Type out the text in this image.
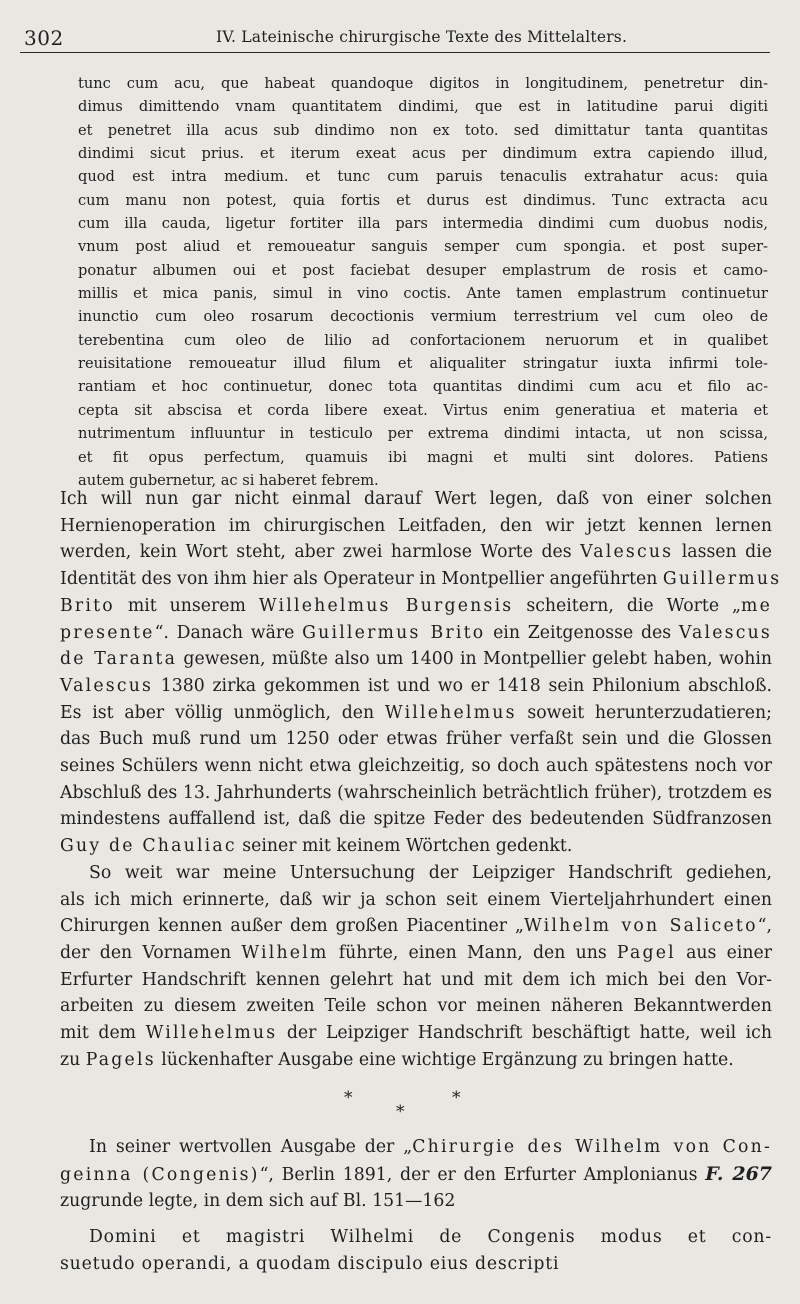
302	IV. Lateinische chirurgische Texte des Mittelalters.
tunc cum acu, que habeat quandoque digitos in longitudinem, penetretur din-
dimus dimittendo vnam quantitatem dindimi, que est in latitudine parui digiti
et penetret illa acus sub dindimo non ex toto. sed dimittatur tanta quantitas
dindimi sicut prius. et iterum exeat acus per dindimum extra capiendo illud,
quod est intra medium. et tunc cum paruis tenaculis extrahatur acus: quia
cum manu non potest, quia fortis et durus est dindimus. Tunc extracta acu
cum illa cauda, ligetur fortiter illa pars intermedia dindimi cum duobus nodis,
vnum post aliud et remoueatur sanguis semper cum spongia. et post super-
ponatur albumen oui et post faciebat desuper emplastrum de rosis et camo-
millis et mica panis, simul in vino coctis. Ante tamen emplastrum continuetur
inunctio cum oleo rosarum decoctionis vermium terrestrium vel cum oleo de
terebentina cum oleo de lilio ad confortacionem neruorum et in qualibet
reuisitatione remoueatur illud filum et aliqualiter stringatur iuxta infirmi tole-
rantiam et hoc continuetur, donec tota quantitas dindimi cum acu et filo ac-
cepta sit abscisa et corda libere exeat. Virtus enim generatiua et materia et
nutrimentum influuntur in testiculo per extrema dindimi intacta, ut non scissa,
et fit opus perfectum, quamuis ibi magni et multi sint dolores. Patiens
autem gubernetur, ac si haberet febrem.
Ich will nun gar nicht einmal darauf Wert legen, daß von einer solchen
Hernienoperation im chirurgischen Leitfaden, den wir jetzt kennen lernen
werden, kein Wort steht, aber zwei harmlose Worte des Valescus lassen die
Identität des von ihm hier als Operateur in Montpellier angeführten Guillermus
Brito mit unserem Willehelmus Burgensis scheitern, die Worte „me
presente“. Danach wäre Guillermus Brito ein Zeitgenosse des Valescus
de Taranta gewesen, müßte also um 1400 in Montpellier gelebt haben, wohin
Valescus 1380 zirka gekommen ist und wo er 1418 sein Philonium abschloß.
Es ist aber völlig unmöglich, den Willehelmus soweit herunterzudatieren;
das Buch muß rund um 1250 oder etwas früher verfaßt sein und die Glossen
seines Schülers wenn nicht etwa gleichzeitig, so doch auch spätestens noch vor
Abschluß des 13. Jahrhunderts (wahrscheinlich beträchtlich früher), trotzdem es
mindestens auffallend ist, daß die spitze Feder des bedeutenden Südfranzosen
Guy de Chauliac seiner mit keinem Wörtchen gedenkt.
So weit war meine Untersuchung der Leipziger Handschrift gediehen,
als ich mich erinnerte, daß wir ja schon seit einem Vierteljahrhundert einen
Chirurgen kennen außer dem großen Piacentiner „Wilhelm von Saliceto“,
der den Vornamen Wilhelm führte, einen Mann, den uns Pagel aus einer
Erfurter Handschrift kennen gelehrt hat und mit dem ich mich bei den Vor-
arbeiten zu diesem zweiten Teile schon vor meinen näheren Bekanntwerden
mit dem Willehelmus der Leipziger Handschrift beschäftigt hatte, weil ich
zu Pagels lückenhafter Ausgabe eine wichtige Ergänzung zu bringen hatte.
*	*
*
In seiner wertvollen Ausgabe der „Chirurgie des Wilhelm von Con-
geinna (Congenis)“, Berlin 1891, der er den Erfurter Amplonianus F. 267
zugrunde legte, in dem sich auf Bl. 151—162
Domini et magistri Wilhelmi de Congenis modus et con-
suetudo operandi, a quodam discipulo eius descripti
